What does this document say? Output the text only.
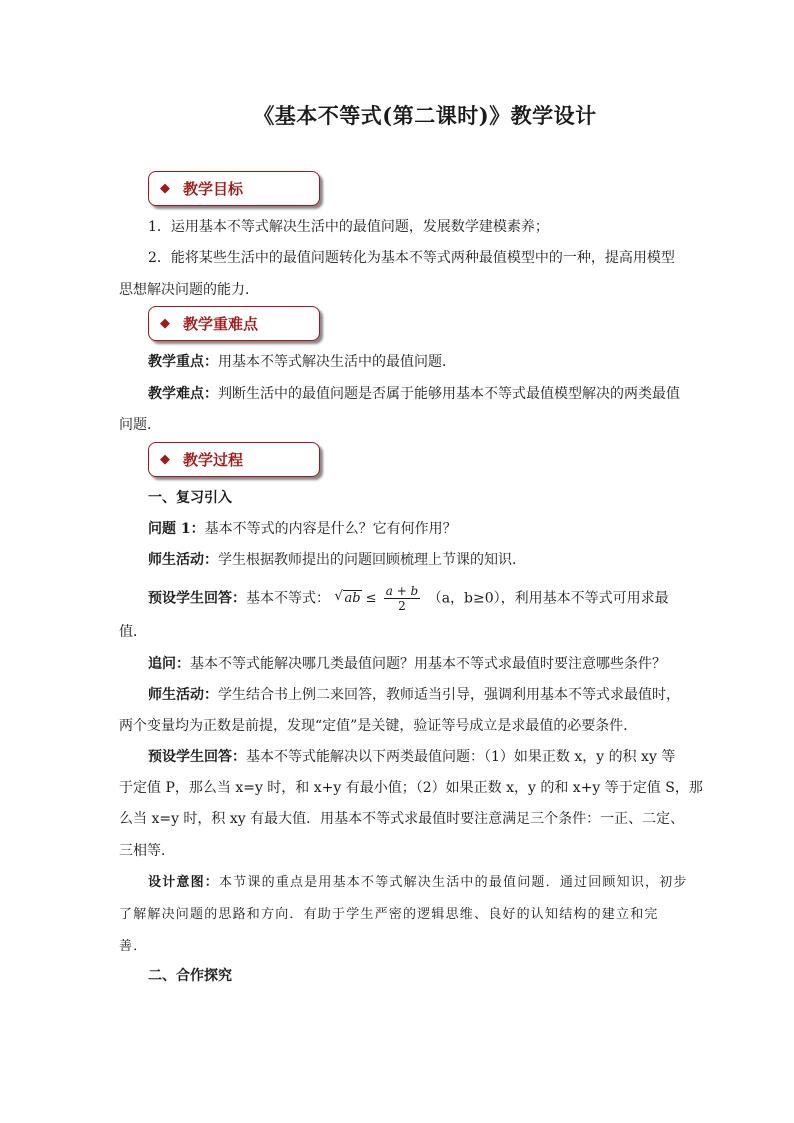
《基本不等式(第二课时)》教学设计
◆ 教学目标
1．运用基本不等式解决生活中的最值问题，发展数学建模素养；
2．能将某些生活中的最值问题转化为基本不等式两种最值模型中的一种，提高用模型
思想解决问题的能力．
◆ 教学重难点
教学重点：用基本不等式解决生活中的最值问题．
教学难点：判断生活中的最值问题是否属于能够用基本不等式最值模型解决的两类最值
问题．
◆ 教学过程
一、复习引入
问题 1：基本不等式的内容是什么？它有何作用？
师生活动：学生根据教师提出的问题回顾梳理上节课的知识．
预设学生回答：基本不等式： √ ab ≤ $\frac{a + b}{2} (a$，b≥0），利用基本不等式可用求最
值．
追问：基本不等式能解决哪几类最值问题？用基本不等式求最值时要注意哪些条件？
师生活动：学生结合书上例二来回答，教师适当引导，强调利用基本不等式求最值时，
两个变量均为正数是前提，发现“定值”是关键，验证等号成立是求最值的必要条件．
预设学生回答：基本不等式能解决以下两类最值问题：（1）如果正数 x，y 的积 xy 等
于定值 P，那么当 x=y 时，和 x+y 有最小值；（2）如果正数 x，y 的和 x+y 等于定值 S，那
么当 x=y 时，积 xy 有最大值．用基本不等式求最值时要注意满足三个条件：一正、二定、
三相等．
设计意图：本节课的重点是用基本不等式解决生活中的最值问题．通过回顾知识，初步
了解解决问题的思路和方向．有助于学生严密的逻辑思维、良好的认知结构的建立和完
善．
二、合作探究
